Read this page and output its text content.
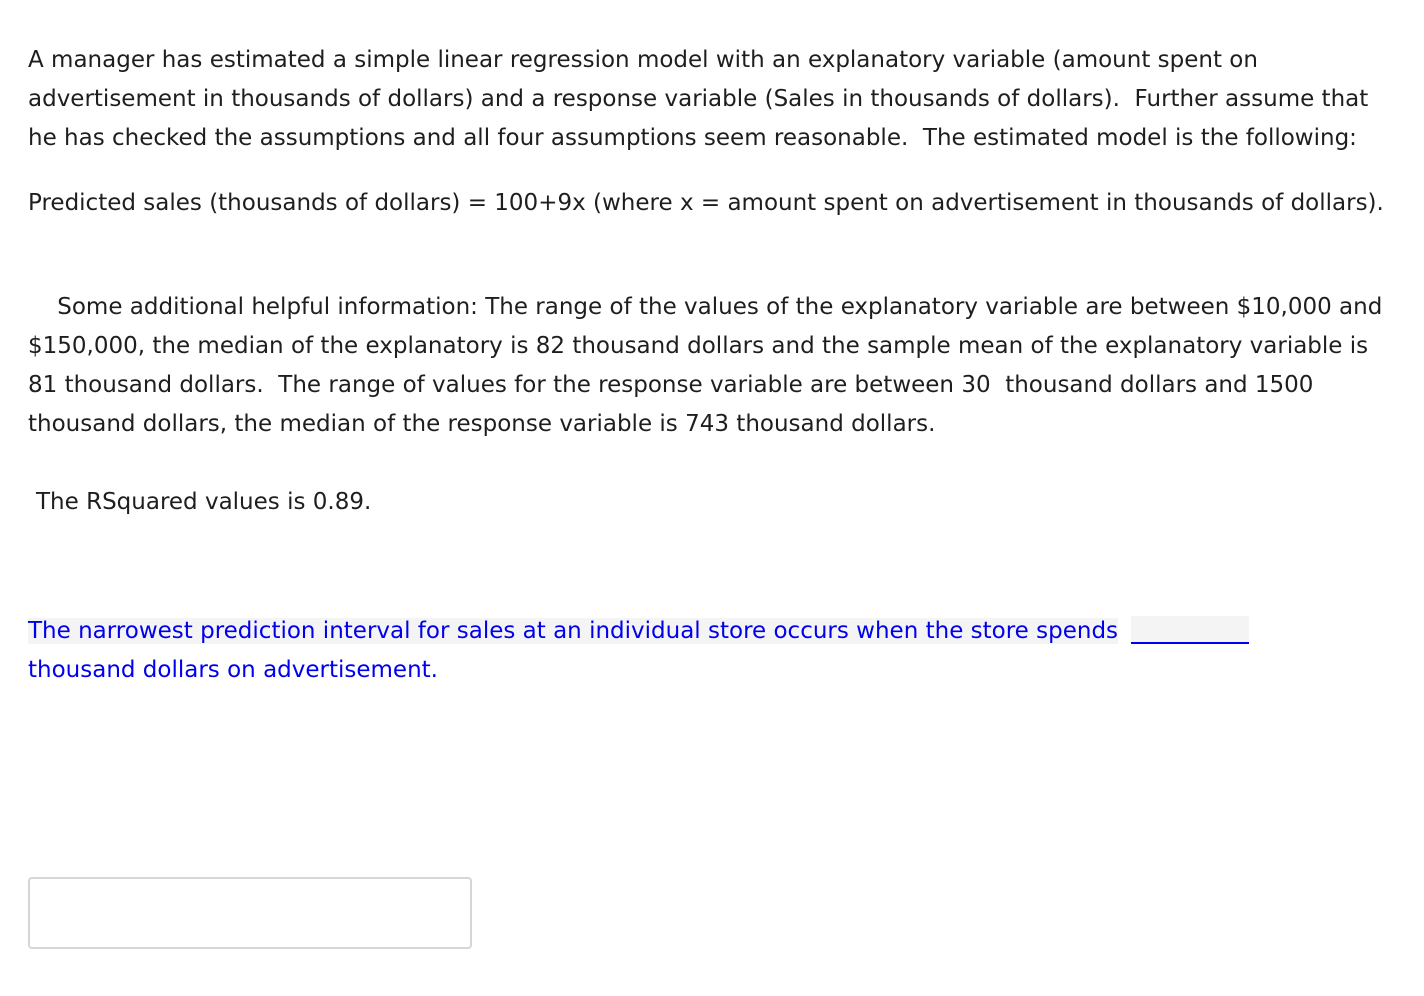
A manager has estimated a simple linear regression model with an explanatory variable (amount spent on advertisement in thousands of dollars) and a response variable (Sales in thousands of dollars).  Further assume that he has checked the assumptions and all four assumptions seem reasonable.  The estimated model is the following:

Predicted sales (thousands of dollars) = 100+9x (where x = amount spent on advertisement in thousands of dollars).

Some additional helpful information: The range of the values of the explanatory variable are between $10,000 and $150,000, the median of the explanatory is 82 thousand dollars and the sample mean of the explanatory variable is 81 thousand dollars.  The range of values for the response variable are between 30  thousand dollars and 1500 thousand dollars, the median of the response variable is 743 thousand dollars.

The RSquared values is 0.89.

The narrowest prediction interval for sales at an individual store occurs when the store spends
thousand dollars on advertisement.
